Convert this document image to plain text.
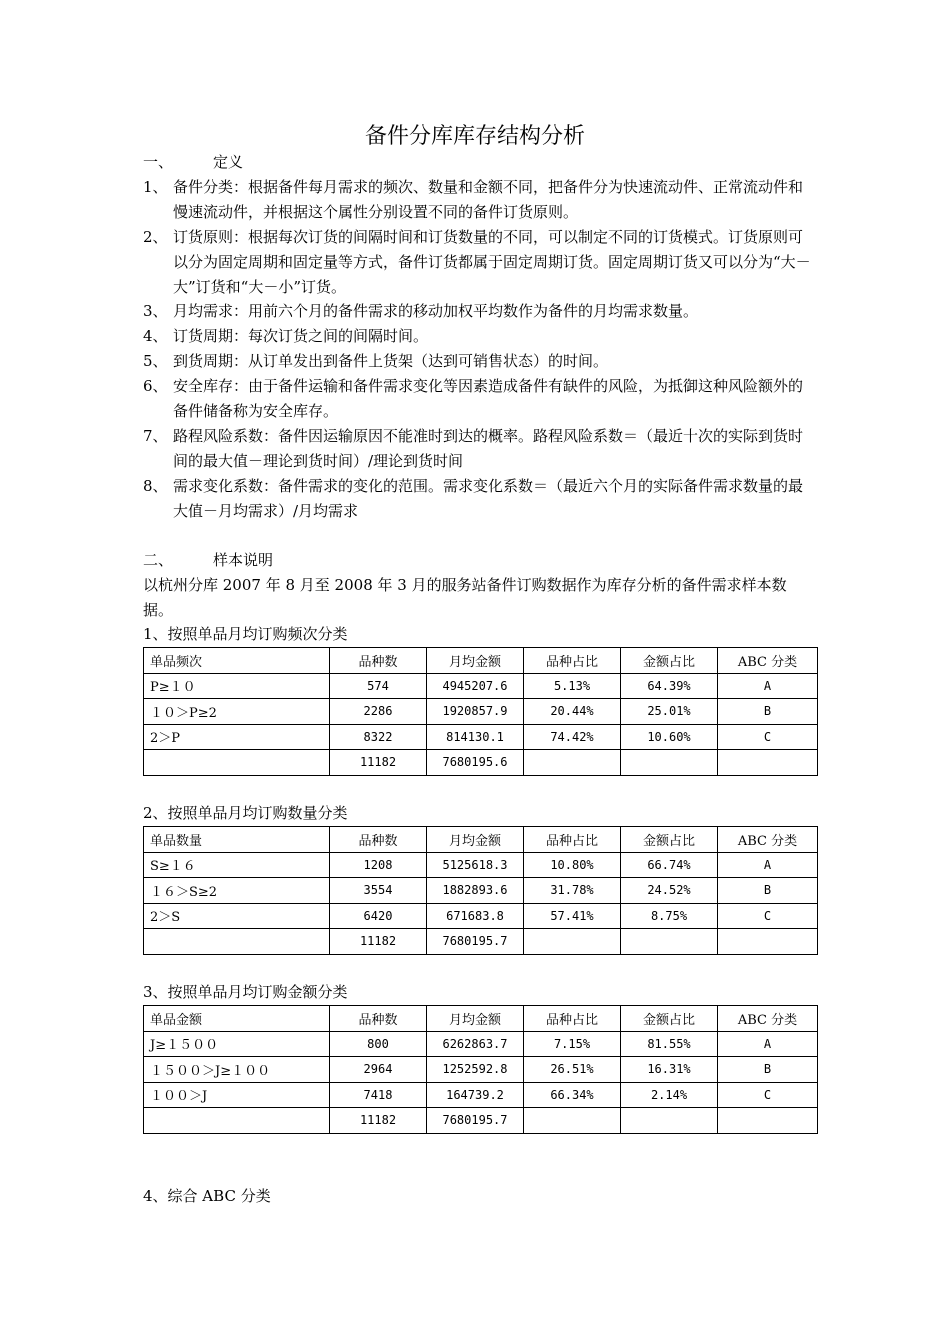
备件分库库存结构分析
一、	定义
1、 备件分类：根据备件每月需求的频次、数量和金额不同，把备件分为快速流动件、正常流动件和慢速流动件，并根据这个属性分别设置不同的备件订货原则。
2、 订货原则：根据每次订货的间隔时间和订货数量的不同，可以制定不同的订货模式。订货原则可以分为固定周期和固定量等方式，备件订货都属于固定周期订货。固定周期订货又可以分为“大－大”订货和“大－小”订货。
3、 月均需求：用前六个月的备件需求的移动加权平均数作为备件的月均需求数量。
4、 订货周期：每次订货之间的间隔时间。
5、 到货周期：从订单发出到备件上货架（达到可销售状态）的时间。
6、 安全库存：由于备件运输和备件需求变化等因素造成备件有缺件的风险，为抵御这种风险额外的备件储备称为安全库存。
7、 路程风险系数：备件因运输原因不能准时到达的概率。路程风险系数＝（最近十次的实际到货时间的最大值－理论到货时间）/理论到货时间
8、 需求变化系数：备件需求的变化的范围。需求变化系数＝（最近六个月的实际备件需求数量的最大值－月均需求）/月均需求
二、	样本说明
以杭州分库 2007 年 8 月至 2008 年 3 月的服务站备件订购数据作为库存分析的备件需求样本数据。
1、按照单品月均订购频次分类
单品频次	品种数	月均金额	品种占比	金额占比	ABC 分类
P≥１０	574	4945207.6	5.13%	64.39%	A
１０＞P≥2	2286	1920857.9	20.44%	25.01%	B
2＞P	8322	814130.1	74.42%	10.60%	C
	11182	7680195.6			
2、按照单品月均订购数量分类
单品数量	品种数	月均金额	品种占比	金额占比	ABC 分类
S≥１６	1208	5125618.3	10.80%	66.74%	A
１６＞S≥2	3554	1882893.6	31.78%	24.52%	B
2＞S	6420	671683.8	57.41%	8.75%	C
	11182	7680195.7			
3、按照单品月均订购金额分类
单品金额	品种数	月均金额	品种占比	金额占比	ABC 分类
J≥１５００	800	6262863.7	7.15%	81.55%	A
１５００＞J≥１００	2964	1252592.8	26.51%	16.31%	B
１００＞J	7418	164739.2	66.34%	2.14%	C
	11182	7680195.7			
4、综合 ABC 分类
